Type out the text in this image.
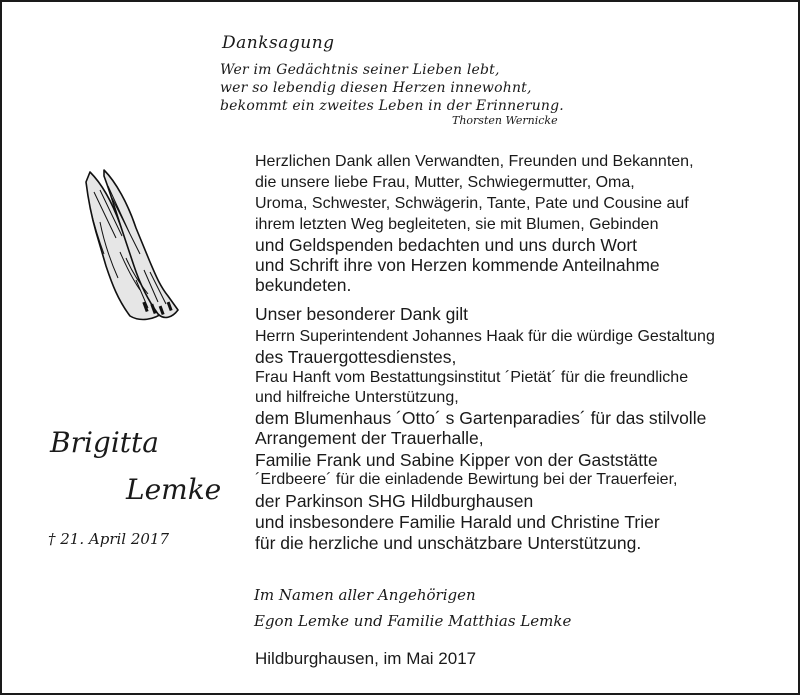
Danksagung
Wer im Gedächtnis seiner Lieben lebt,
wer so lebendig diesen Herzen innewohnt,
bekommt ein zweites Leben in der Erinnerung.
Thorsten Wernicke
Brigitta
Lemke
† 21. April 2017
Herzlichen Dank allen Verwandten, Freunden und Bekannten,
die unsere liebe Frau, Mutter, Schwiegermutter, Oma,
Uroma, Schwester, Schwägerin, Tante, Pate und Cousine auf
ihrem letzten Weg begleiteten, sie mit Blumen, Gebinden
und Geldspenden bedachten und uns durch Wort
und Schrift ihre von Herzen kommende Anteilnahme
bekundeten.
Unser besonderer Dank gilt
Herrn Superintendent Johannes Haak für die würdige Gestaltung
des Trauergottesdienstes,
Frau Hanft vom Bestattungsinstitut ´Pietät´ für die freundliche
und hilfreiche Unterstützung,
dem Blumenhaus ´Otto´ s Gartenparadies´ für das stilvolle
Arrangement der Trauerhalle,
Familie Frank und Sabine Kipper von der Gaststätte
´Erdbeere´ für die einladende Bewirtung bei der Trauerfeier,
der Parkinson SHG Hildburghausen
und insbesondere Familie Harald und Christine Trier
für die herzliche und unschätzbare Unterstützung.
Im Namen aller Angehörigen
Egon Lemke und Familie Matthias Lemke
Hildburghausen, im Mai 2017
